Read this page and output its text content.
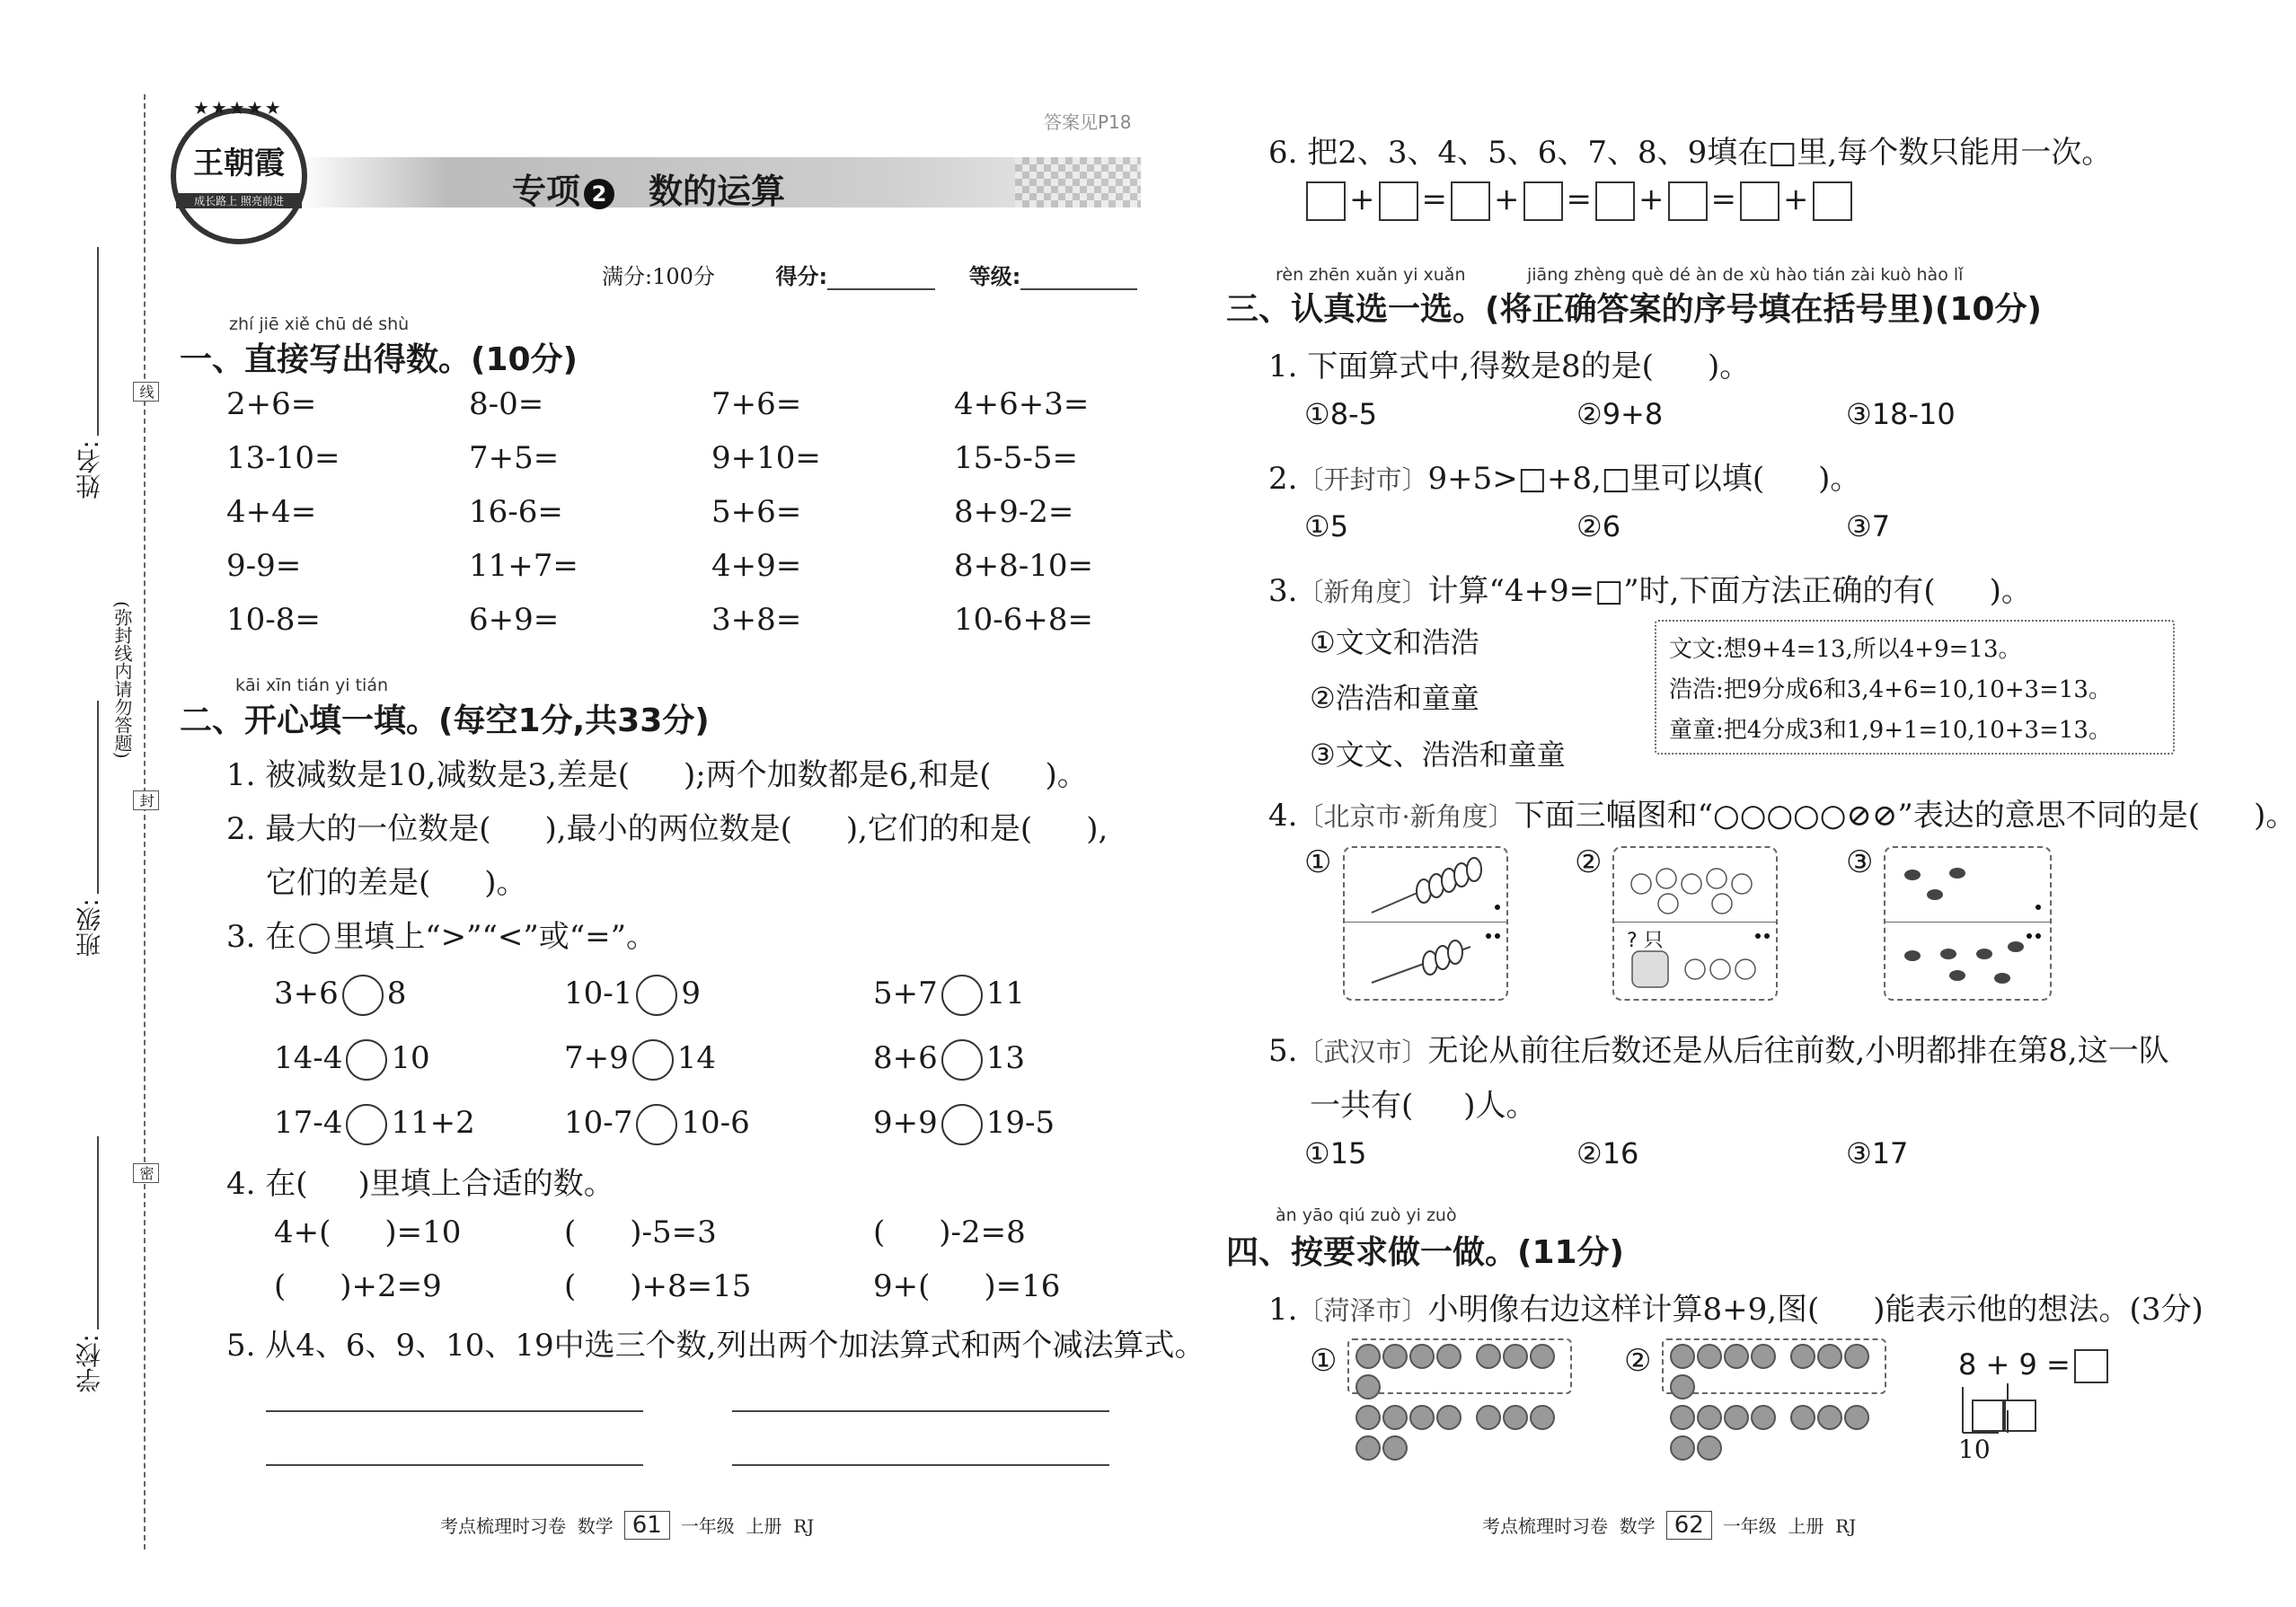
姓名:
班级:
学校:
(弥封线内请勿答题)
线
封
密
王朝霞
成长路上 照亮前进
★★★★★
答案见P18
专项 2 数的运算
满分:100分	得分:	等级:
zhí jiē xiě chū dé shù
一、直接写出得数。(10分)
2+6=	8-0=	7+6=	4+6+3=
13-10=	7+5=	9+10=	15-5-5=
4+4=	16-6=	5+6=	8+9-2=
9-9=	11+7=	4+9=	8+8-10=
10-8=	6+9=	3+8=	10-6+8=
kāi xīn tián yi tián
二、开心填一填。(每空1分,共33分)
1. 被减数是10,减数是3,差是( );两个加数都是6,和是( )。
2. 最大的一位数是( ),最小的两位数是( ),它们的和是( ),
它们的差是( )。
3. 在 里填上“>”“<”或“=”。
3+6 8	10-1 9	5+7 11
14-4 10	7+9 14	8+6 13
17-4 11+2	10-7 10-6	9+9 19-5
4. 在( )里填上合适的数。
4+( )=10	( )-5=3	( )-2=8
( )+2=9	( )+8=15	9+( )=16
5. 从4、6、9、10、19中选三个数,列出两个加法算式和两个减法算式。
考点梳理时习卷 数学 61 一年级 上册 RJ
6. 把2、3、4、5、6、7、8、9填在□里,每个数只能用一次。
+ = + = + = +
rèn zhēn xuǎn yi xuǎn	jiāng zhèng què dé àn de xù hào tián zài kuò hào lǐ
三、认真选一选。(将正确答案的序号填在括号里)(10分)
1. 下面算式中,得数是8的是( )。
①8-5	②9+8	③18-10
2.〔开封市〕9+5>□+8,□里可以填( )。
①5	②6	③7
3.〔新角度〕计算“4+9=□”时,下面方法正确的有( )。
①文文和浩浩
②浩浩和童童
③文文、浩浩和童童
文文:想9+4=13,所以4+9=13。
浩浩:把9分成6和3,4+6=10,10+3=13。
童童:把4分成3和1,9+1=10,10+3=13。
4.〔北京市·新角度〕下面三幅图和“○○○○○⊘⊘”表达的意思不同的是( )。
①	②
? 只
③
5.〔武汉市〕无论从前往后数还是从后往前数,小明都排在第8,这一队
一共有( )人。
①15	②16	③17
àn yāo qiú zuò yi zuò
四、按要求做一做。(11分)
1.〔菏泽市〕小明像右边这样计算8+9,图( )能表示他的想法。(3分)
①	②	8 + 9 =
10
考点梳理时习卷 数学 62 一年级 上册 RJ
